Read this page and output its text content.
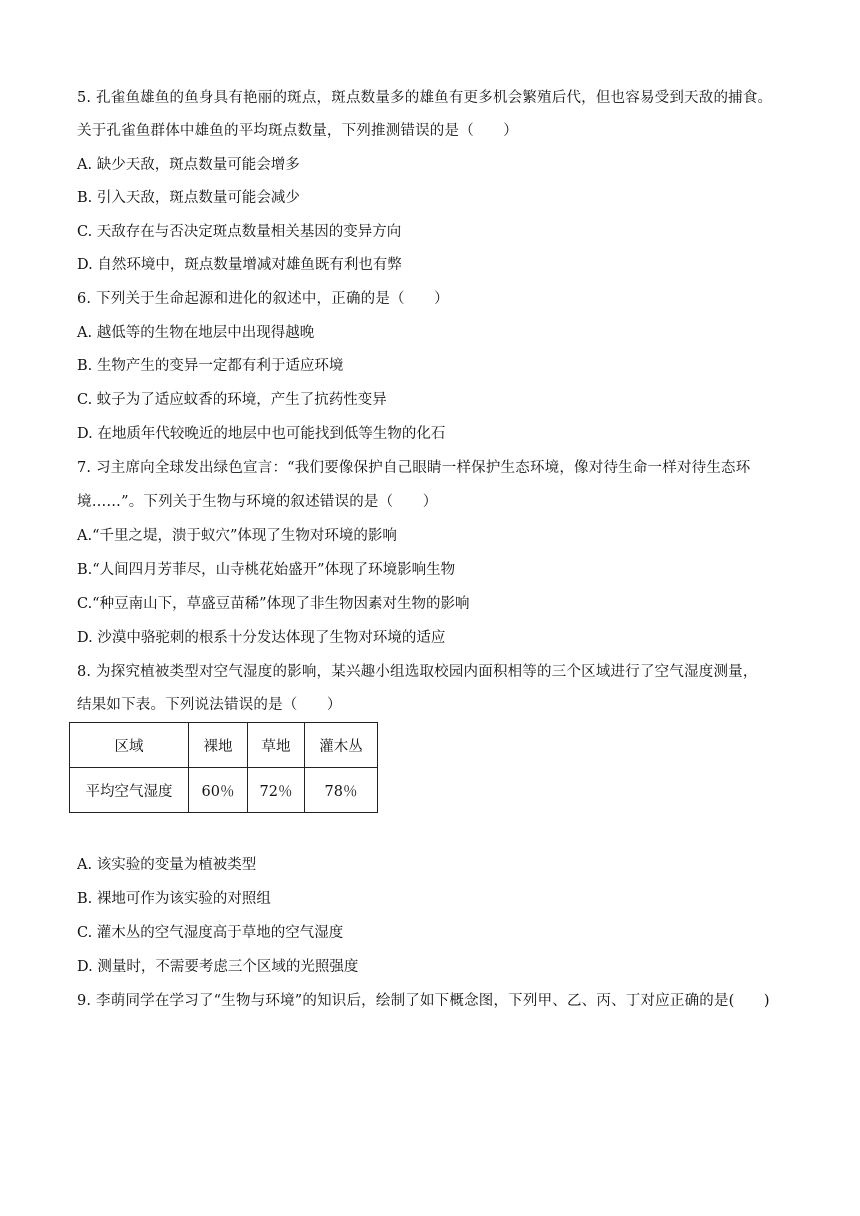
5. 孔雀鱼雄鱼的鱼身具有艳丽的斑点，斑点数量多的雄鱼有更多机会繁殖后代，但也容易受到天敌的捕食。
关于孔雀鱼群体中雄鱼的平均斑点数量，下列推测错误的是（　　）
A. 缺少天敌，斑点数量可能会增多
B. 引入天敌，斑点数量可能会减少
C. 天敌存在与否决定斑点数量相关基因的变异方向
D. 自然环境中，斑点数量增减对雄鱼既有利也有弊
6. 下列关于生命起源和进化的叙述中，正确的是（　　）
A. 越低等的生物在地层中出现得越晚
B. 生物产生的变异一定都有利于适应环境
C. 蚊子为了适应蚊香的环境，产生了抗药性变异
D. 在地质年代较晚近的地层中也可能找到低等生物的化石
7. 习主席向全球发出绿色宣言：“我们要像保护自己眼睛一样保护生态环境，像对待生命一样对待生态环
境……”。下列关于生物与环境的叙述错误的是（　　）
A.“千里之堤，溃于蚁穴”体现了生物对环境的影响
B.“人间四月芳菲尽，山寺桃花始盛开”体现了环境影响生物
C.“种豆南山下，草盛豆苗稀”体现了非生物因素对生物的影响
D. 沙漠中骆驼刺的根系十分发达体现了生物对环境的适应
8. 为探究植被类型对空气湿度的影响，某兴趣小组选取校园内面积相等的三个区域进行了空气湿度测量，
结果如下表。下列说法错误的是（　　）
区域	裸地	草地	灌木丛
平均空气湿度	60％	72％	78％
A. 该实验的变量为植被类型
B. 裸地可作为该实验的对照组
C. 灌木丛的空气湿度高于草地的空气湿度
D. 测量时，不需要考虑三个区域的光照强度
9. 李萌同学在学习了“生物与环境”的知识后，绘制了如下概念图，下列甲、乙、丙、丁对应正确的是(　　)
